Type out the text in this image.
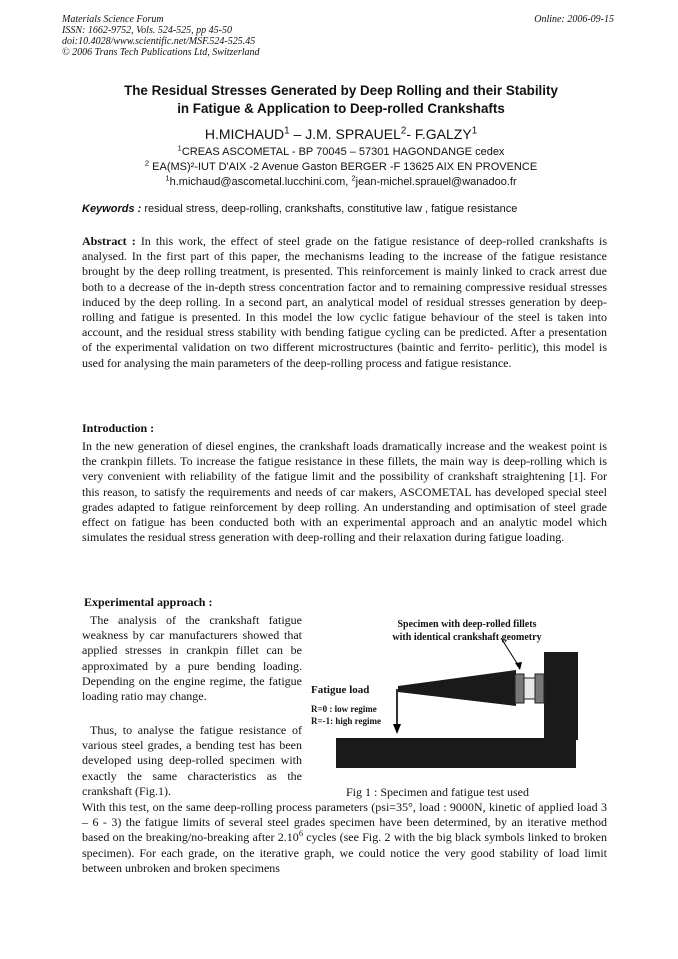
Materials Science Forum
ISSN: 1662-9752, Vols. 524-525, pp 45-50
doi:10.4028/www.scientific.net/MSF.524-525.45
© 2006 Trans Tech Publications Ltd, Switzerland
Online: 2006-09-15
The Residual Stresses Generated by Deep Rolling and their Stability
in Fatigue & Application to Deep-rolled Crankshafts
H.MICHAUD$^1$ – J.M. SPRAUEL$^2$- F.GALZY$^1$
$^1$CREAS ASCOMETAL - BP 70045 – 57301 HAGONDANGE cedex
$^2$ EA(MS)²-IUT D'AIX -2 Avenue Gaston BERGER -F 13625 AIX EN PROVENCE
$^1$h.michaud@ascometal.lucchini.com, $^2$jean-michel.sprauel@wanadoo.fr
Keywords : residual stress, deep-rolling, crankshafts, constitutive law , fatigue resistance
Abstract : In this work, the effect of steel grade on the fatigue resistance of deep-rolled crankshafts is analysed. In the first part of this paper, the mechanisms leading to the increase of the fatigue resistance brought by the deep rolling treatment, is presented. This reinforcement is mainly linked to crack arrest due both to a decrease of the in-depth stress concentration factor and to remaining compressive residual stresses induced by the deep rolling. In a second part, an analytical model of residual stresses generation by deep-rolling and fatigue is presented. In this model the low cyclic fatigue behaviour of the steel is taken into account, and the residual stress stability with bending fatigue cycling can be predicted. After a presentation of the experimental validation on two different microstructures (baintic and ferrito- perlitic), this model is used for analysing the main parameters of the deep-rolling process and fatigue resistance.
Introduction :
In the new generation of diesel engines, the crankshaft loads dramatically increase and the weakest point is the crankpin fillets. To increase the fatigue resistance in these fillets, the main way is deep-rolling which is very convenient with reliability of the fatigue limit and the possibility of crankshaft straightening [1]. For this reason, to satisfy the requirements and needs of car makers, ASCOMETAL has developed special steel grades adapted to fatigue reinforcement by deep rolling. An understanding and optimisation of steel grade effect on fatigue has been conducted both with an experimental approach and an analytic model which simulates the residual stress generation with deep-rolling and their relaxation during fatigue loading.
Experimental approach :
The analysis of the crankshaft fatigue weakness by car manufacturers showed that applied stresses in crankpin fillet can be approximated by a pure bending loading. Depending on the engine regime, the fatigue loading ratio may change.
Thus, to analyse the fatigue resistance of various steel grades, a bending test has been developed using deep-rolled specimen with exactly the same characteristics as the crankshaft (Fig.1).
With this test, on the same deep-rolling process parameters (psi=35°, load : 9000N, kinetic of applied load 3 – 6 - 3) the fatigue limits of several steel grades specimen have been determined, by an iterative method based on the breaking/no-breaking after 2.10$^6$ cycles (see Fig. 2 with the big black symbols linked to broken specimen). For each grade, on the iterative graph, we could notice the very good stability of load limit between unbroken and broken specimens
Specimen with deep-rolled fillets
with identical crankshaft geometry
Fatigue load
R=0 : low regime
R=-1: high regime
Fig 1 : Specimen and fatigue test used
